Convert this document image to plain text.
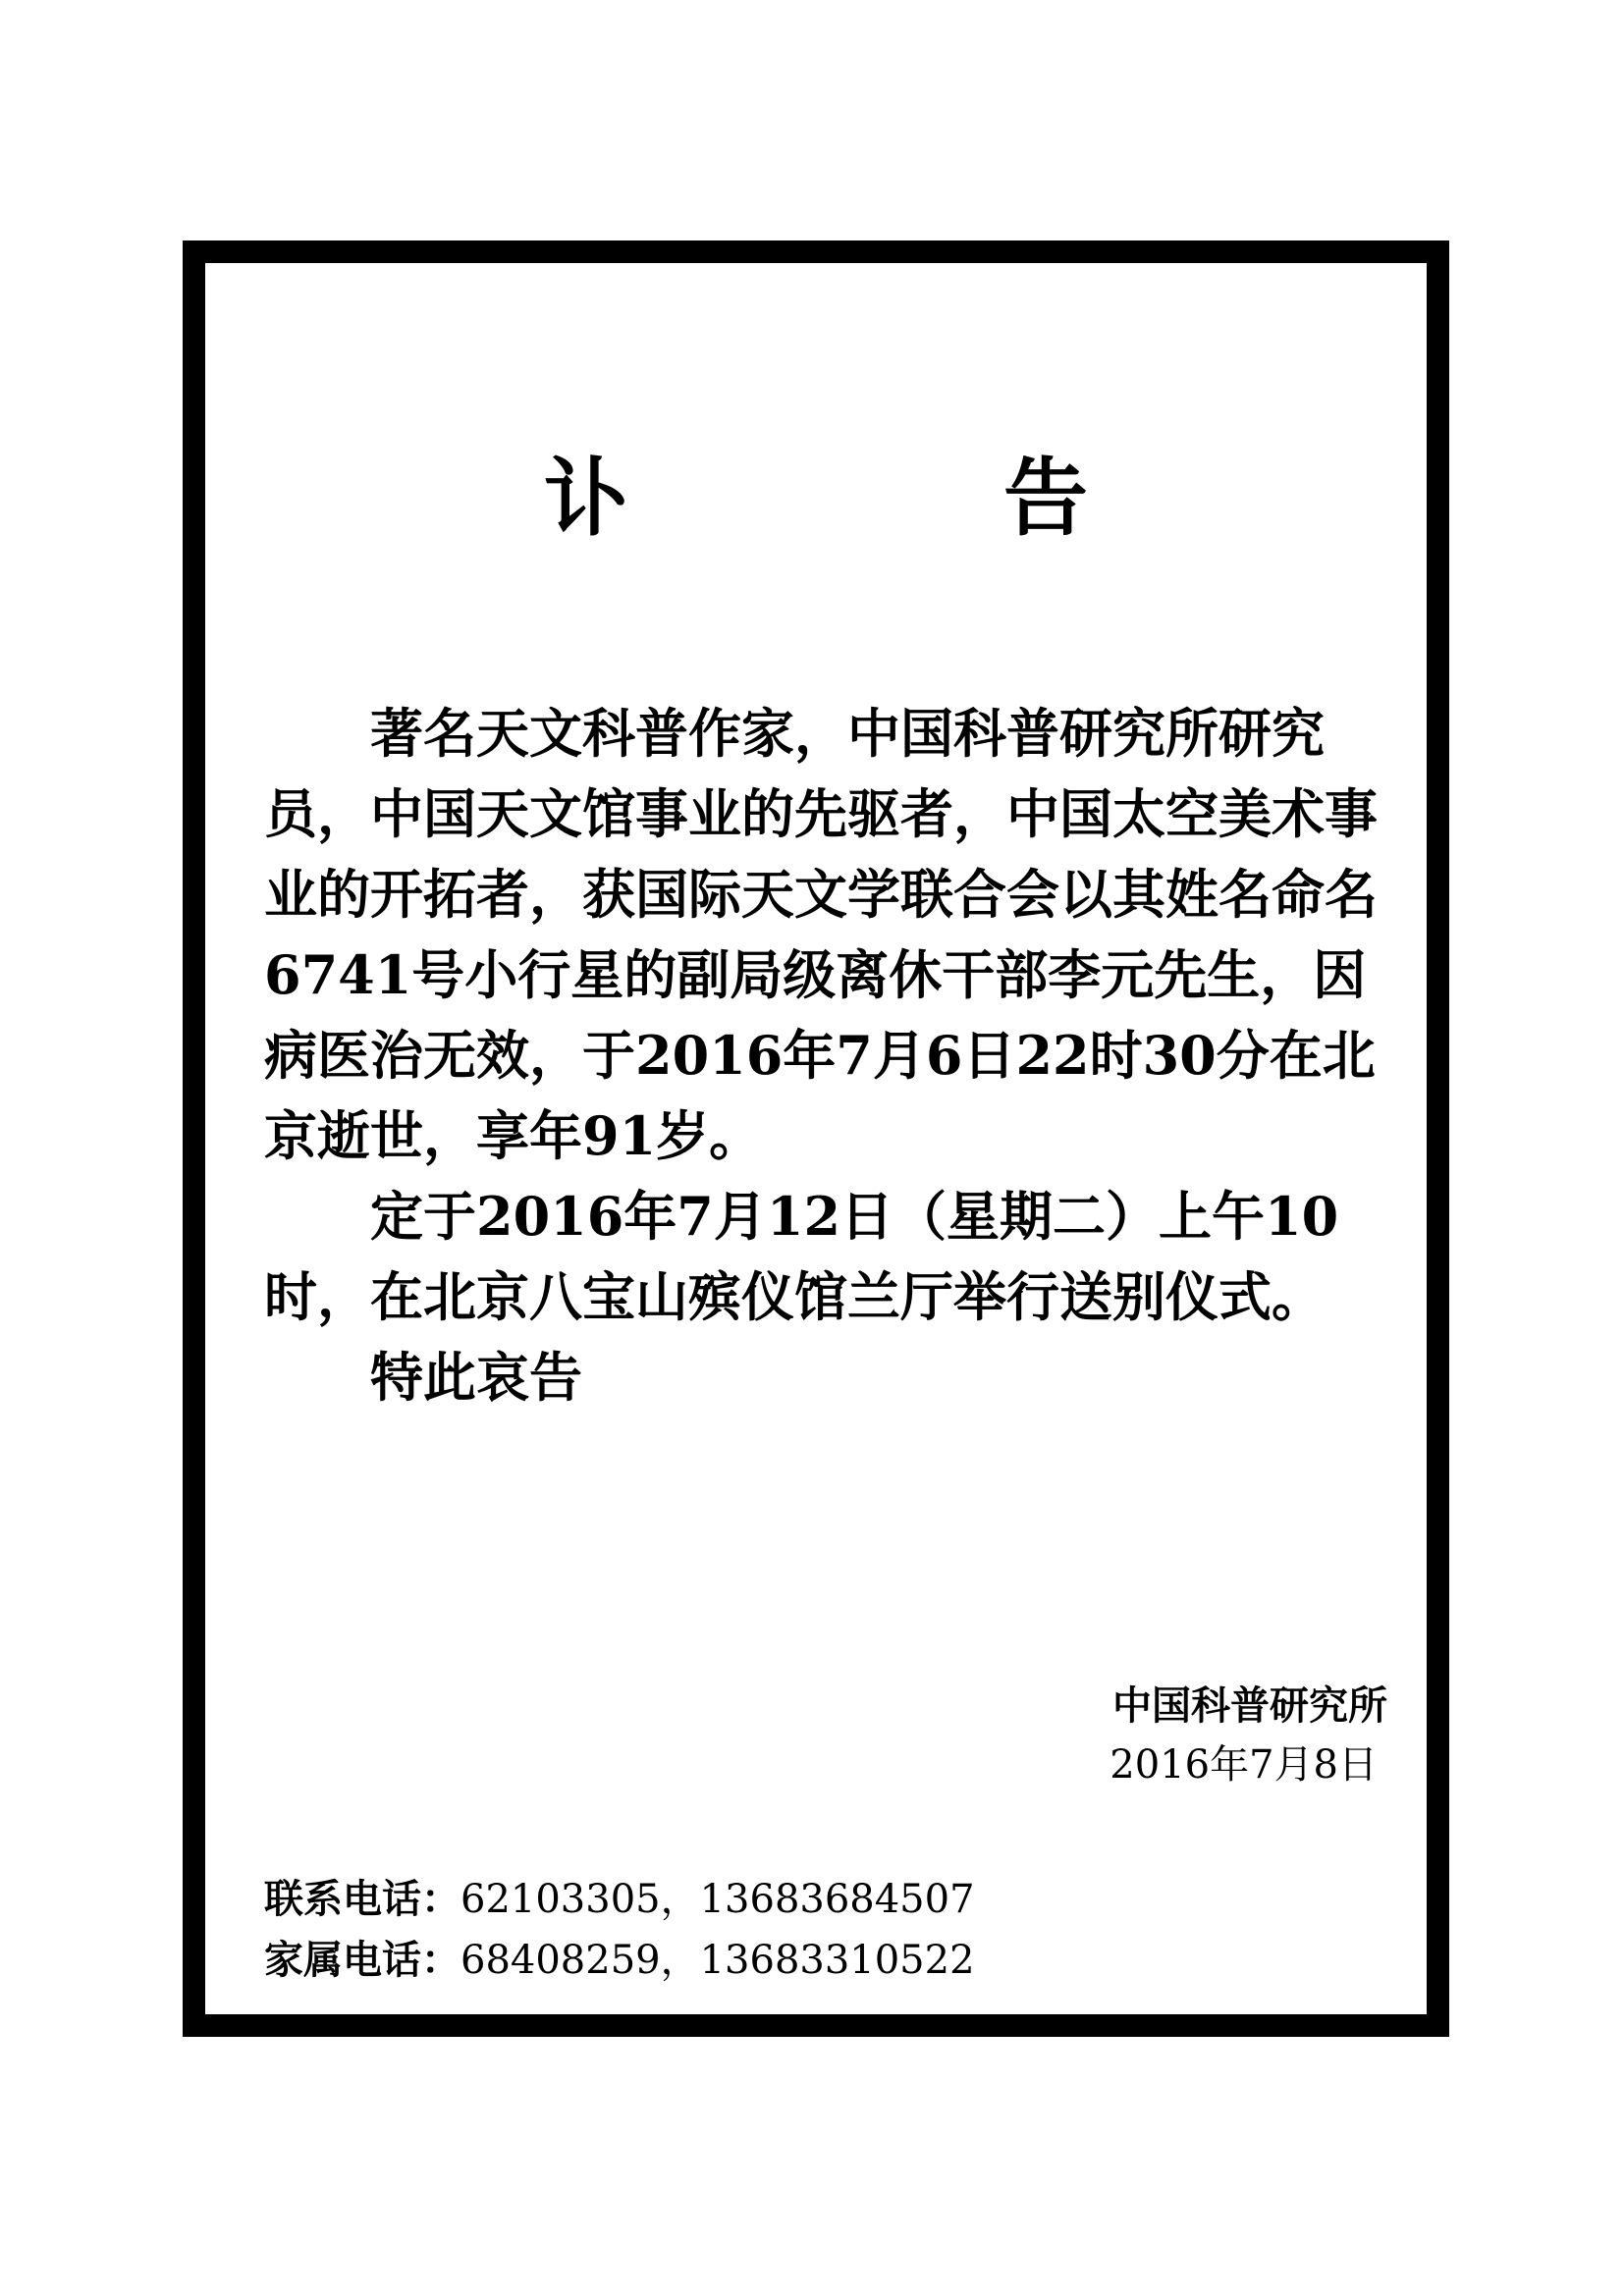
讣 告

著名天文科普作家，中国科普研究所研究员，中国天文馆事业的先驱者，中国太空美术事业的开拓者，获国际天文学联合会以其姓名命名6741号小行星的副局级离休干部李元先生，因病医治无效，于2016年7月6日22时30分在北京逝世，享年91岁。

定于2016年7月12日（星期二）上午10时，在北京八宝山殡仪馆兰厅举行送别仪式。

特此哀告

中国科普研究所
2016年7月8日
联系电话：62103305，13683684507
家属电话：68408259，13683310522
